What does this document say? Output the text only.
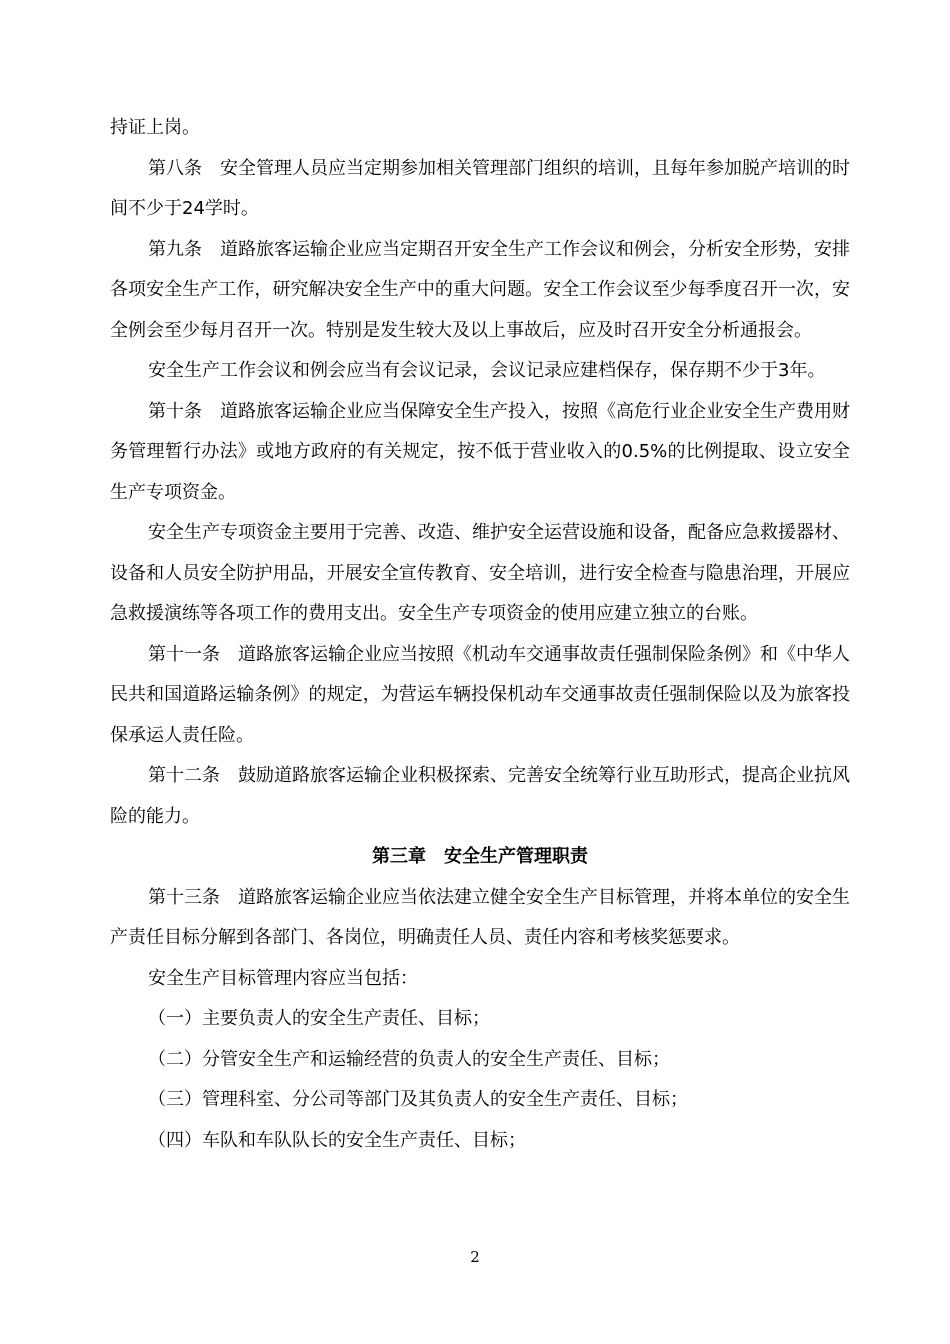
持证上岗。

第八条　安全管理人员应当定期参加相关管理部门组织的培训，且每年参加脱产培训的时间不少于24学时。

第九条　道路旅客运输企业应当定期召开安全生产工作会议和例会，分析安全形势，安排各项安全生产工作，研究解决安全生产中的重大问题。安全工作会议至少每季度召开一次，安全例会至少每月召开一次。特别是发生较大及以上事故后，应及时召开安全分析通报会。

安全生产工作会议和例会应当有会议记录，会议记录应建档保存，保存期不少于3年。

第十条　道路旅客运输企业应当保障安全生产投入，按照《高危行业企业安全生产费用财务管理暂行办法》或地方政府的有关规定，按不低于营业收入的0.5%的比例提取、设立安全生产专项资金。

安全生产专项资金主要用于完善、改造、维护安全运营设施和设备，配备应急救援器材、设备和人员安全防护用品，开展安全宣传教育、安全培训，进行安全检查与隐患治理，开展应急救援演练等各项工作的费用支出。安全生产专项资金的使用应建立独立的台账。

第十一条　道路旅客运输企业应当按照《机动车交通事故责任强制保险条例》和《中华人民共和国道路运输条例》的规定，为营运车辆投保机动车交通事故责任强制保险以及为旅客投保承运人责任险。

第十二条　鼓励道路旅客运输企业积极探索、完善安全统筹行业互助形式，提高企业抗风险的能力。

第三章　安全生产管理职责

第十三条　道路旅客运输企业应当依法建立健全安全生产目标管理，并将本单位的安全生产责任目标分解到各部门、各岗位，明确责任人员、责任内容和考核奖惩要求。

安全生产目标管理内容应当包括：

（一）主要负责人的安全生产责任、目标；

（二）分管安全生产和运输经营的负责人的安全生产责任、目标；

（三）管理科室、分公司等部门及其负责人的安全生产责任、目标；

（四）车队和车队队长的安全生产责任、目标；

2
